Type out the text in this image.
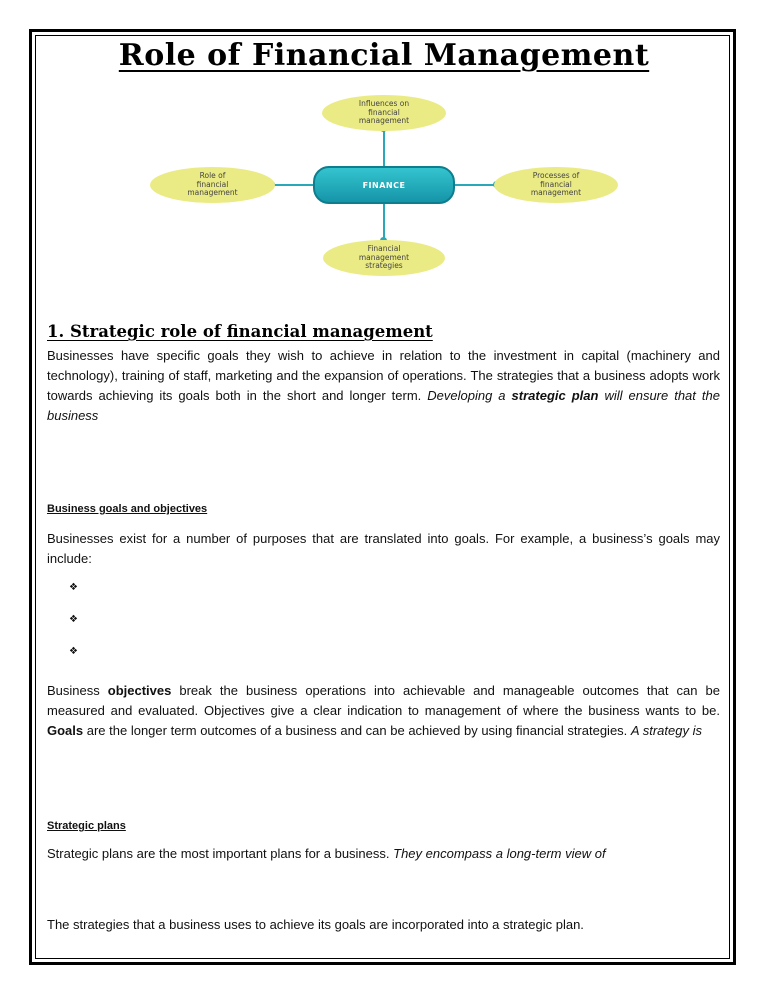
Role of Financial Management
Influences on
financial
management
Role of
financial
management
Processes of
financial
management
Financial
management
strategies
FINANCE
1. Strategic role of financial management
Businesses have specific goals they wish to achieve in relation to the investment in capital (machinery and technology), training of staff, marketing and the expansion of operations. The strategies that a business adopts work towards achieving its goals both in the short and longer term. Developing a strategic plan will ensure that the business
Business goals and objectives
Businesses exist for a number of purposes that are translated into goals. For example, a business’s goals may include:
❖
❖
❖
Business objectives break the business operations into achievable and manageable outcomes that can be measured and evaluated. Objectives give a clear indication to management of where the business wants to be. Goals are the longer term outcomes of a business and can be achieved by using financial strategies. A strategy is
Strategic plans
Strategic plans are the most important plans for a business. They encompass a long-term view of
The strategies that a business uses to achieve its goals are incorporated into a strategic plan.
